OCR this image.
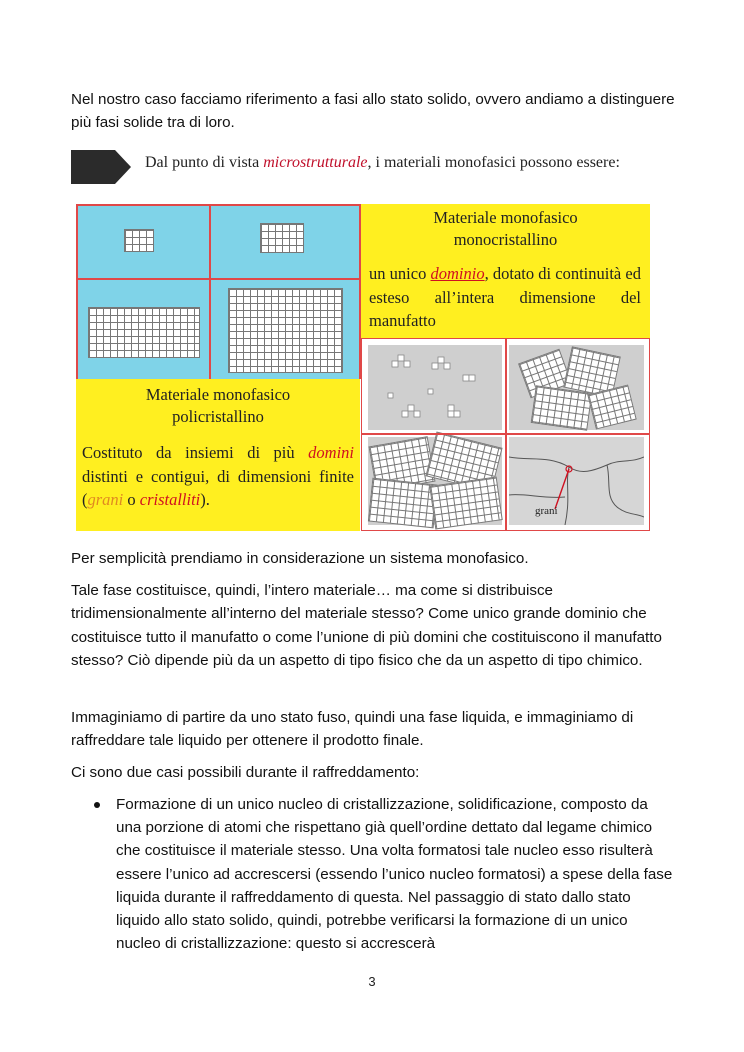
Nel nostro caso facciamo riferimento a fasi allo stato solido, ovvero andiamo a distinguere più fasi solide tra di loro.
Dal punto di vista microstrutturale, i materiali monofasici possono essere:
Materiale monofasico
monocristallino
un unico dominio, dotato di continuità ed esteso all’intera dimensione del manufatto
Materiale monofasico
policristallino
Costituto da insiemi di più domini distinti e contigui, di dimensioni finite (grani o cristalliti).
grani
Per semplicità prendiamo in considerazione un sistema monofasico.
Tale fase costituisce, quindi, l’intero materiale… ma come si distribuisce tridimensionalmente all’interno del materiale stesso? Come unico grande dominio che costituisce tutto il manufatto o come l’unione di più domini che costituiscono il manufatto stesso? Ciò dipende più da un aspetto di tipo fisico che da un aspetto di tipo chimico.
Immaginiamo di partire da uno stato fuso, quindi una fase liquida, e immaginiamo di raffreddare tale liquido per ottenere il prodotto finale.
Ci sono due casi possibili durante il raffreddamento:
Formazione di un unico nucleo di cristallizzazione, solidificazione, composto da una porzione di atomi che rispettano già quell’ordine dettato dal legame chimico che costituisce il materiale stesso. Una volta formatosi tale nucleo esso risulterà essere l’unico ad accrescersi (essendo l’unico nucleo formatosi) a spese della fase liquida durante il raffreddamento di questa. Nel passaggio di stato dallo stato liquido allo stato solido, quindi, potrebbe verificarsi la formazione di un unico nucleo di cristallizzazione: questo si accrescerà
3
